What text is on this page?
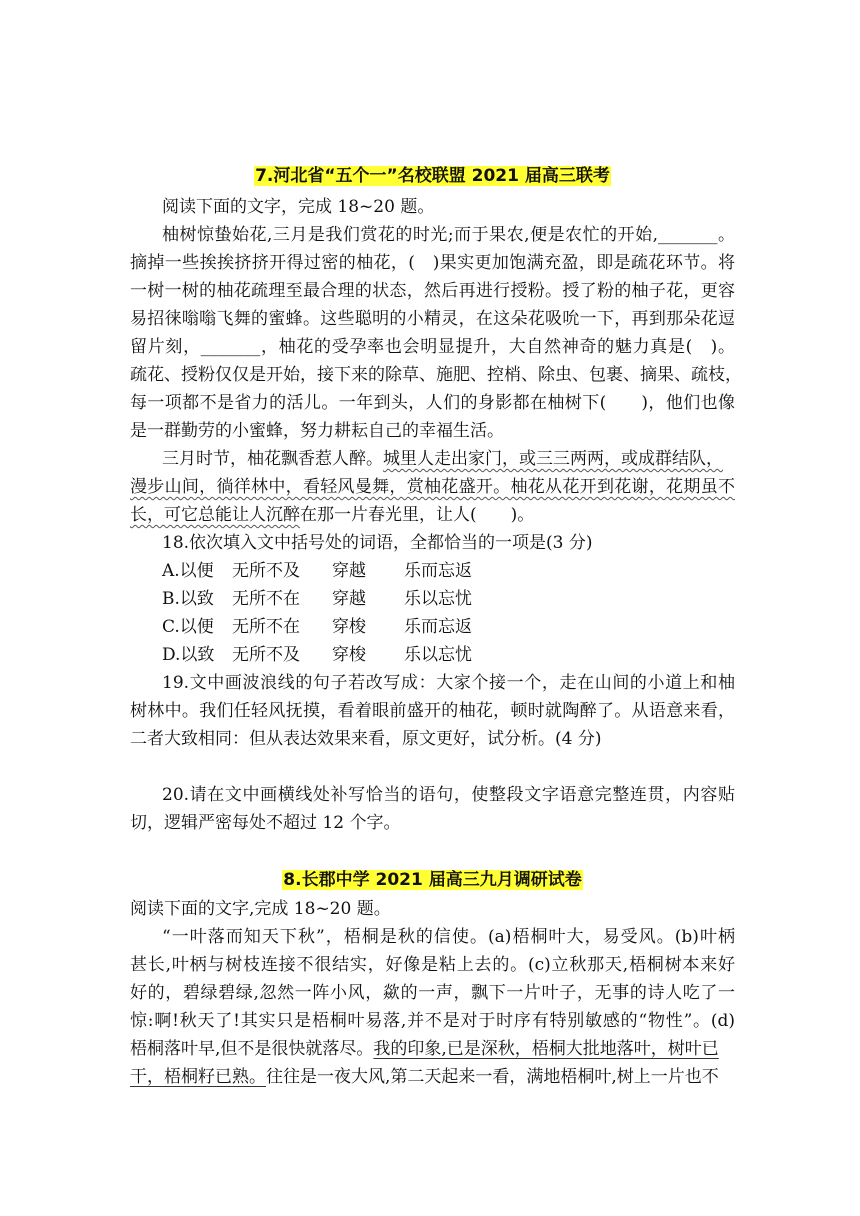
7.河北省“五个一”名校联盟 2021 届高三联考
阅读下面的文字，完成 18~20 题。
柚树惊蛰始花,三月是我们赏花的时光;而于果农,便是农忙的开始,_______。
摘掉一些挨挨挤挤开得过密的柚花，(　)果实更加饱满充盈，即是疏花环节。将
一树一树的柚花疏理至最合理的状态，然后再进行授粉。授了粉的柚子花，更容
易招徕嗡嗡飞舞的蜜蜂。这些聪明的小精灵，在这朵花吸吮一下，再到那朵花逗
留片刻，_______，柚花的受孕率也会明显提升，大自然神奇的魅力真是(　)。
疏花、授粉仅仅是开始，接下来的除草、施肥、控梢、除虫、包裹、摘果、疏枝，
每一项都不是省力的活儿。一年到头，人们的身影都在柚树下(　　)，他们也像
是一群勤劳的小蜜蜂，努力耕耘自己的幸福生活。
三月时节，柚花飘香惹人醉。城里人走出家门，或三三两两，或成群结队，
漫步山间，徜徉林中，看轻风曼舞，赏柚花盛开。柚花从花开到花谢，花期虽不
长，可它总能让人沉醉在那一片春光里，让人(　　)。
18.依次填入文中括号处的词语，全都恰当的一项是(3 分)
A.以便 无所不及 穿越 乐而忘返
B.以致 无所不在 穿越 乐以忘忧
C.以便 无所不在 穿梭 乐而忘返
D.以致 无所不及 穿梭 乐以忘忧
19.文中画波浪线的句子若改写成：大家个接一个，走在山间的小道上和柚
树林中。我们任轻风抚摸，看着眼前盛开的柚花，顿时就陶醉了。从语意来看，
二者大致相同：但从表达效果来看，原文更好，试分析。(4 分)
20.请在文中画横线处补写恰当的语句，使整段文字语意完整连贯，内容贴
切，逻辑严密每处不超过 12 个字。
8.长郡中学 2021 届高三九月调研试卷
阅读下面的文字,完成 18~20 题。
“一叶落而知天下秋”，梧桐是秋的信使。(a)梧桐叶大，易受风。(b)叶柄
甚长,叶柄与树枝连接不很结实，好像是粘上去的。(c)立秋那天,梧桐树本来好
好的，碧绿碧绿,忽然一阵小风，歘的一声，飘下一片叶子，无事的诗人吃了一
惊:啊!秋天了!其实只是梧桐叶易落,并不是对于时序有特别敏感的“物性”。(d)
梧桐落叶早,但不是很快就落尽。我的印象,已是深秋，梧桐大批地落叶，树叶已
干，梧桐籽已熟。往往是一夜大风,第二天起来一看，满地梧桐叶,树上一片也不
